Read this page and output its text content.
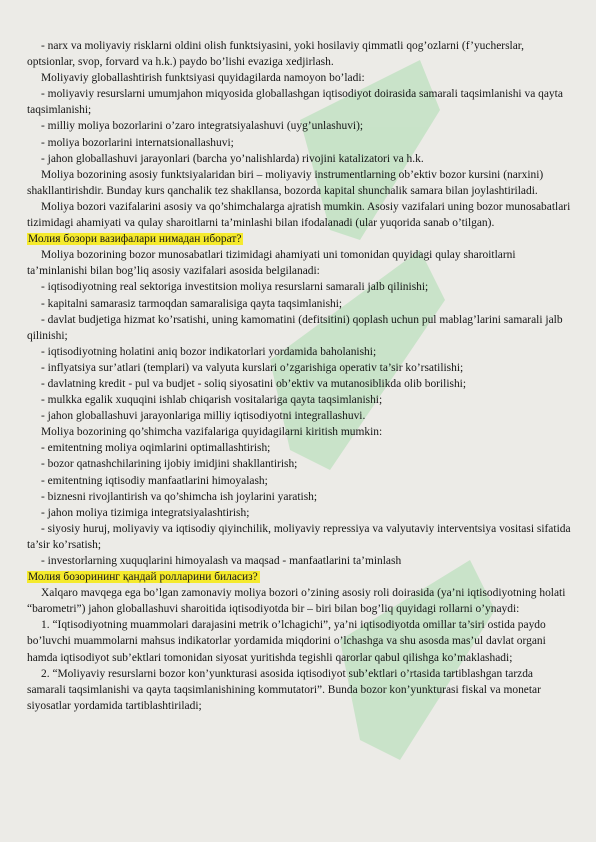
- narx va moliyaviy risklarni oldini olish funktsiyasini, yoki hosilaviy qimmatli qog’ozlarni (f’yucherslar, optsionlar, svop, forvard va h.k.) paydo bo’lishi evaziga xedjirlash.

Moliyaviy globallashtirish funktsiyasi quyidagilarda namoyon bo’ladi:

- moliyaviy resurslarni umumjahon miqyosida globallashgan iqtisodiyot doirasida samarali taqsimlanishi va qayta taqsimlanishi;

- milliy moliya bozorlarini o’zaro integratsiyalashuvi (uyg’unlashuvi);

- moliya bozorlarini internatsionallashuvi;

- jahon globallashuvi jarayonlari (barcha yo’nalishlarda) rivojini katalizatori va h.k.

Moliya bozorining asosiy funktsiyalaridan biri – moliyaviy instrumentlarning ob’ektiv bozor kursini (narxini) shakllantirishdir. Bunday kurs qanchalik tez shakllansa, bozorda kapital shunchalik samara bilan joylashtiriladi.

Moliya bozori vazifalarini asosiy va qo’shimchalarga ajratish mumkin. Asosiy vazifalari uning bozor munosabatlari tizimidagi ahamiyati va qulay sharoitlarni ta’minlashi bilan ifodalanadi (ular yuqorida sanab o’tilgan).

Молия бозори вазифалари нимадан иборат?

Moliya bozorining bozor munosabatlari tizimidagi ahamiyati uni tomonidan quyidagi qulay sharoitlarni ta’minlanishi bilan bog’liq asosiy vazifalari asosida belgilanadi:

- iqtisodiyotning real sektoriga investitsion moliya resurslarni samarali jalb qilinishi;

- kapitalni samarasiz tarmoqdan samaralisiga qayta taqsimlanishi;

- davlat budjetiga hizmat ko’rsatishi, uning kamomatini (defitsitini) qoplash uchun pul mablag’larini samarali jalb qilinishi;

- iqtisodiyotning holatini aniq bozor indikatorlari yordamida baholanishi;

- inflyatsiya sur’atlari (templari) va valyuta kurslari o’zgarishiga operativ ta’sir ko’rsatilishi;

- davlatning kredit - pul va budjet - soliq siyosatini ob’ektiv va mutanosiblikda olib borilishi;

- mulkka egalik xuquqini ishlab chiqarish vositalariga qayta taqsimlanishi;

- jahon globallashuvi jarayonlariga milliy iqtisodiyotni integrallashuvi.

Moliya bozorining qo’shimcha vazifalariga quyidagilarni kiritish mumkin:

- emitentning moliya oqimlarini optimallashtirish;

- bozor qatnashchilarining ijobiy imidjini shakllantirish;

- emitentning iqtisodiy manfaatlarini himoyalash;

- biznesni rivojlantirish va qo’shimcha ish joylarini yaratish;

- jahon moliya tizimiga integratsiyalashtirish;

- siyosiy huruj, moliyaviy va iqtisodiy qiyinchilik, moliyaviy repressiya va valyutaviy interventsiya vositasi sifatida ta’sir ko’rsatish;

- investorlarning xuquqlarini himoyalash va maqsad - manfaatlarini ta’minlash

Молия бозорининг қандай ролларини биласиз?

Xalqaro mavqega ega bo’lgan zamonaviy moliya bozori o’zining asosiy roli doirasida (ya’ni iqtisodiyotning holati “barometri”) jahon globallashuvi sharoitida iqtisodiyotda bir – biri bilan bog’liq quyidagi rollarni o’ynaydi:

1. “Iqtisodiyotning muammolari darajasini metrik o’lchagichi”, ya’ni iqtisodiyotda omillar ta’siri ostida paydo bo’luvchi muammolarni mahsus indikatorlar yordamida miqdorini o’lchashga va shu asosda mas’ul davlat organi hamda iqtisodiyot sub’ektlari tomonidan siyosat yuritishda tegishli qarorlar qabul qilishga ko’maklashadi;

2. “Moliyaviy resurslarni bozor kon’yunkturasi asosida iqtisodiyot sub’ektlari o’rtasida tartiblashgan tarzda samarali taqsimlanishi va qayta taqsimlanishining kommutatori”. Bunda bozor kon’yunkturasi fiskal va monetar siyosatlar yordamida tartiblashtiriladi;
